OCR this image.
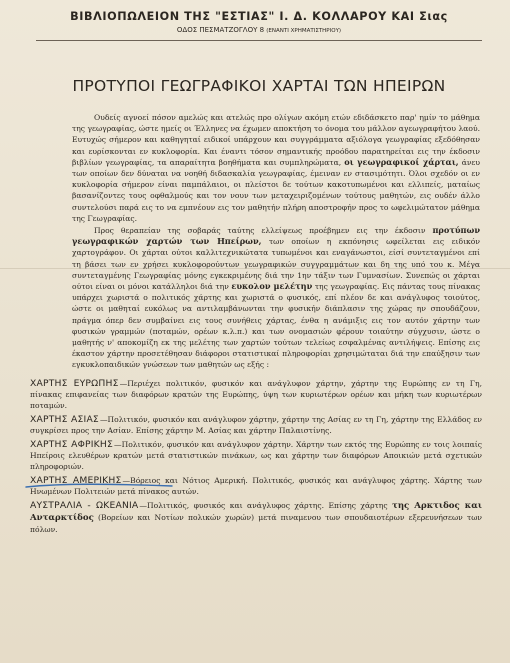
ΒΙΒΛΙΟΠΩΛΕΙΟΝ ΤΗΣ "ΕΣΤΙΑΣ" Ι. Δ. ΚΟΛΛΑΡΟΥ ΚΑΙ Σιας
ΟΔΟΣ ΠΕΣΜΑΤΖΟΓΛΟΥ 8 (ΕΝΑΝΤΙ ΧΡΗΜΑΤΙΣΤΗΡΙΟΥ)
ΠΡΟΤΥΠΟΙ ΓΕΩΓΡΑΦΙΚΟΙ ΧΑΡΤΑΙ ΤΩΝ ΗΠΕΙΡΩΝ
Ουδείς αγνοεί πόσον αμελώς και ατελώς προ ολίγων ακόμη ετών εδιδάσκετο παρ' ημίν το μάθημα της γεωγραφίας, ώστε ημείς οι Έλληνες να έχωμεν αποκτήση το όνομα του μάλλον αγεωγραφήτου λαού. Ευτυχώς σήμερον και καθηγηταί ειδικοί υπάρχουν και συγγράμματα αξιόλογα γεωγραφίας εξεδόθησαν και ευρίσκονται εν κυκλοφορία. Και έναντι τόσον σημαντικής προόδου παρατηρείται εις την έκδοσιν βιβλίων γεωγραφίας, τα απαραίτητα βοηθήματα και συμπληρώματα, οι γεωγραφικοί χάρται, άνευ των οποίων δεν δύναται να νοηθή διδασκαλία γεωγραφίας, έμειναν εν στασιμότητι. Όλοι σχεδόν οι εν κυκλοφορία σήμερον είναι παμπάλαιοι, οι πλείστοι δε τούτων κακοτυπωμένοι και ελλιπείς, ματαίως βασανίζοντες τους οφθαλμούς και τον νουν των μεταχειριζομένων τούτους μαθητών, εις ουδέν άλλο συντελούσι παρά εις το να εμπνέουν εις τον μαθητήν πλήρη αποστροφήν προς το ωφελιμώτατον μάθημα της Γεωγραφίας.
Προς θεραπείαν της σοβαράς ταύτης ελλείψεως προέβημεν εις την έκδοσιν προτύπων γεωγραφικών χαρτών των Ηπείρων, των οποίων η εκπόνησις ωφείλεται εις ειδικόν χαρτογράφον. Οι χάρται ούτοι καλλιτεχνικώτατα τυπωμένοι και εναγάνωστοι, είσί συντεταγμένοι επί τη βάσει των εν χρήσει κυκλοφορούντων γεωγραφικών συγγραμμάτων και δη της υπό του κ. Μέγα συντεταγμένης Γεωγραφίας μόνης εγκεκριμένης διά την 1ην τάξιν των Γυμνασίων. Συνεπώς οι χάρται ούτοι είναι οι μόνοι κατάλληλοι διά την ευκολον μελέτην της γεωγραφίας. Εις πάντας τους πίνακας υπάρχει χωριστά ο πολιτικός χάρτης και χωριστά ο φυσικός, επί πλέον δε και ανάγλυφος τοιούτος, ώστε οι μαθηταί ευκόλως να αντιλαμβάνωνται την φυσικήν διάπλασιν της χώρας ην σπουδάζουν, πράγμα όπερ δεν συμβαίνει εις τους συνήθεις χάρτας, ένθα η ανάμιξις εις τον αυτόν χάρτην των φυσικών γραμμών (ποταμών, ορέων κ.λ.π.) και των ονομασιών φέρουν τοιαύτην σύγχυσιν, ώστε ο μαθητής ν' αποκομίζη εκ της μελέτης των χαρτών τούτων τελείως εσφαλμένας αντιλήψεις. Επίσης εις έκαστον χάρτην προσετέθησαν διάφοροι στατιστικαί πληροφορίαι χρησιμώταται διά την επαύξησιν των εγκυκλοπαιδικών γνώσεων των μαθητών ως εξής :
ΧΑΡΤΗΣ ΕΥΡΩΠΗΣ—Περιέχει πολιτικόν, φυσικόν και ανάγλυφον χάρτην, χάρτην της Ευρώπης εν τη Γη, πίνακας επιφανείας των διαφόρων κρατών της Ευρώπης, ύψη των κυριωτέρων ορέων και μήκη των κυριωτέρων ποταμών.
ΧΑΡΤΗΣ ΑΣΙΑΣ—Πολιτικόν, φυσικόν και ανάγλυφον χάρτην, χάρτην της Ασίας εν τη Γη, χάρτην της Ελλάδος εν συγκρίσει προς την Ασίαν. Επίσης χάρτην Μ. Ασίας και χάρτην Παλαιστίνης.
ΧΑΡΤΗΣ ΑΦΡΙΚΗΣ—Πολιτικόν, φυσικόν και ανάγλυφον χάρτην. Χάρτην των εκτός της Ευρώπης εν τοις λοιπαίς Ηπείροις ελευθέρων κρατών μετά στατιστικών πινάκων, ως και χάρτην των διαφόρων Αποικιών μετά σχετικών πληροφοριών.
ΧΑΡΤΗΣ ΑΜΕΡΙΚΗΣ—Βόρειος και Νότιος Αμερική. Πολιτικός, φυσικός και ανάγλυφος χάρτης. Χάρτης των Ηνωμένων Πολιτειών μετά πίνακος αυτών.
ΑΥΣΤΡΑΛΙΑ - ΩΚΕΑΝΙΑ—Πολιτικός, φυσικός και ανάγλυφος χάρτης. Επίσης χάρτης της Αρκτιδος και Ανταρκτίδος (Βορείων και Νοτίων πολικών χωρών) μετά πιναμενου των σπουδαιοτέρων εξερευνήσεων των πόλων.
